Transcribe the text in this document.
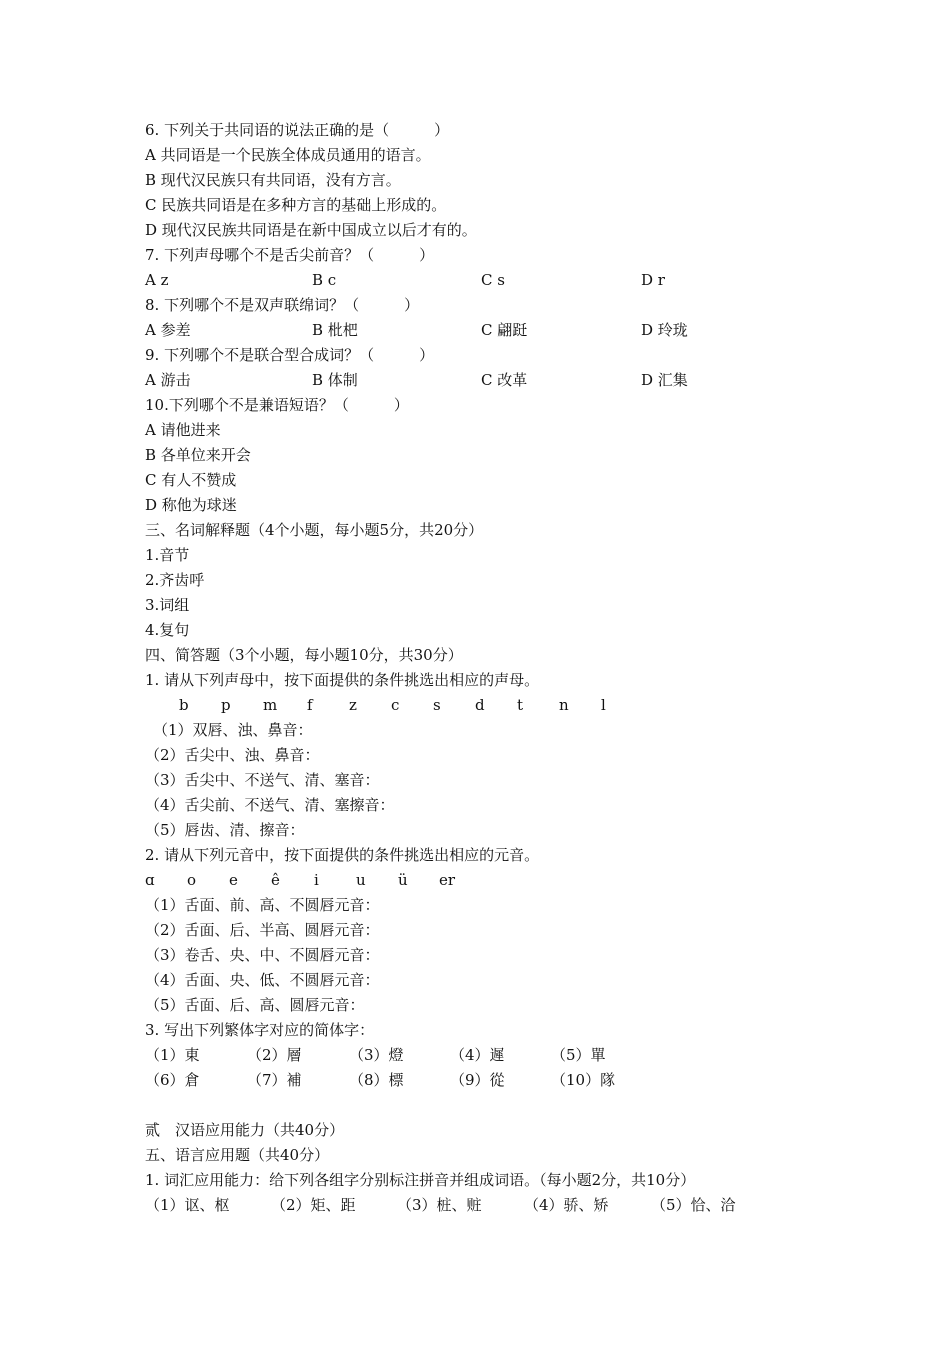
6. 下列关于共同语的说法正确的是（　　　）
A 共同语是一个民族全体成员通用的语言。
B 现代汉民族只有共同语，没有方言。
C 民族共同语是在多种方言的基础上形成的。
D 现代汉民族共同语是在新中国成立以后才有的。
7. 下列声母哪个不是舌尖前音？（　　　）

A z

	B c

	C s

	D r

8. 下列哪个不是双声联绵词？（　　　）

A 参差

	B 枇杷

	C 翩跹

	D 玲珑

9. 下列哪个不是联合型合成词？（　　　）

A 游击

	B 体制

	C 改革

	D 汇集

10.下列哪个不是兼语短语？（　　　）
A 请他进来
B 各单位来开会
C 有人不赞成
D 称他为球迷
三、名词解释题（4个小题，每小题5分，共20分）
1.音节
2.齐齿呼
3.词组
4.复句
四、简答题（3个小题，每小题10分，共30分）
1. 请从下列声母中，按下面提供的条件挑选出相应的声母。

b

p

m

f

z

c

s

d

t

n

l

（1）双唇、浊、鼻音：
（2）舌尖中、浊、鼻音：
（3）舌尖中、不送气、清、塞音：
（4）舌尖前、不送气、清、塞擦音：
（5）唇齿、清、擦音：
2. 请从下列元音中，按下面提供的条件挑选出相应的元音。

ɑ

o

e

ê

i

u

ü

er

（1）舌面、前、高、不圆唇元音：
（2）舌面、后、半高、圆唇元音：
（3）卷舌、央、中、不圆唇元音：
（4）舌面、央、低、不圆唇元音：
（5）舌面、后、高、圆唇元音：
3. 写出下列繁体字对应的简体字：

（1）東

	（2）層

	（3）燈

	（4）遲

	（5）單

（6）倉

	（7）補

	（8）標

	（9）從

	（10）隊

贰　汉语应用能力（共40分）
五、语言应用题（共40分）
1. 词汇应用能力：给下列各组字分别标注拼音并组成词语。（每小题2分，共10分）

（1）讴、枢

	（2）矩、距

	（3）桩、赃

	（4）骄、矫

	（5）恰、洽
